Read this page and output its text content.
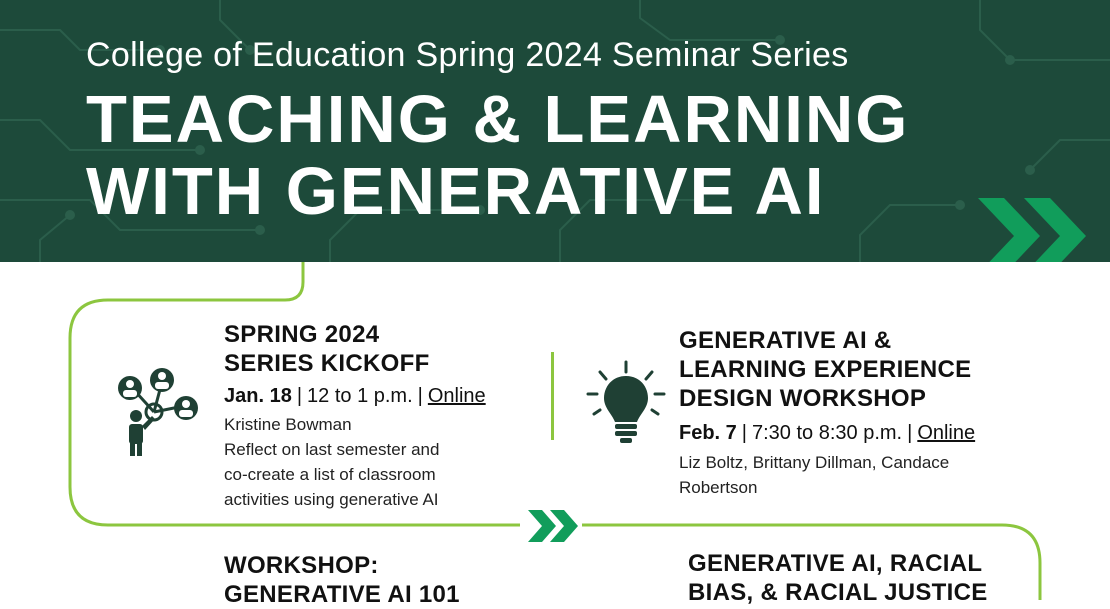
College of Education Spring 2024 Seminar Series

TEACHING & LEARNING
WITH GENERATIVE AI
SPRING 2024
SERIES KICKOFF

Jan. 18 | 12 to 1 p.m. | Online

Kristine Bowman
Reflect on last semester and
co-create a list of classroom
activities using generative AI

GENERATIVE AI &
LEARNING EXPERIENCE
DESIGN WORKSHOP

Feb. 7 | 7:30 to 8:30 p.m. | Online

Liz Boltz, Brittany Dillman, Candace
Robertson

WORKSHOP:
GENERATIVE AI 101
GENERATIVE AI, RACIAL
BIAS, & RACIAL JUSTICE
